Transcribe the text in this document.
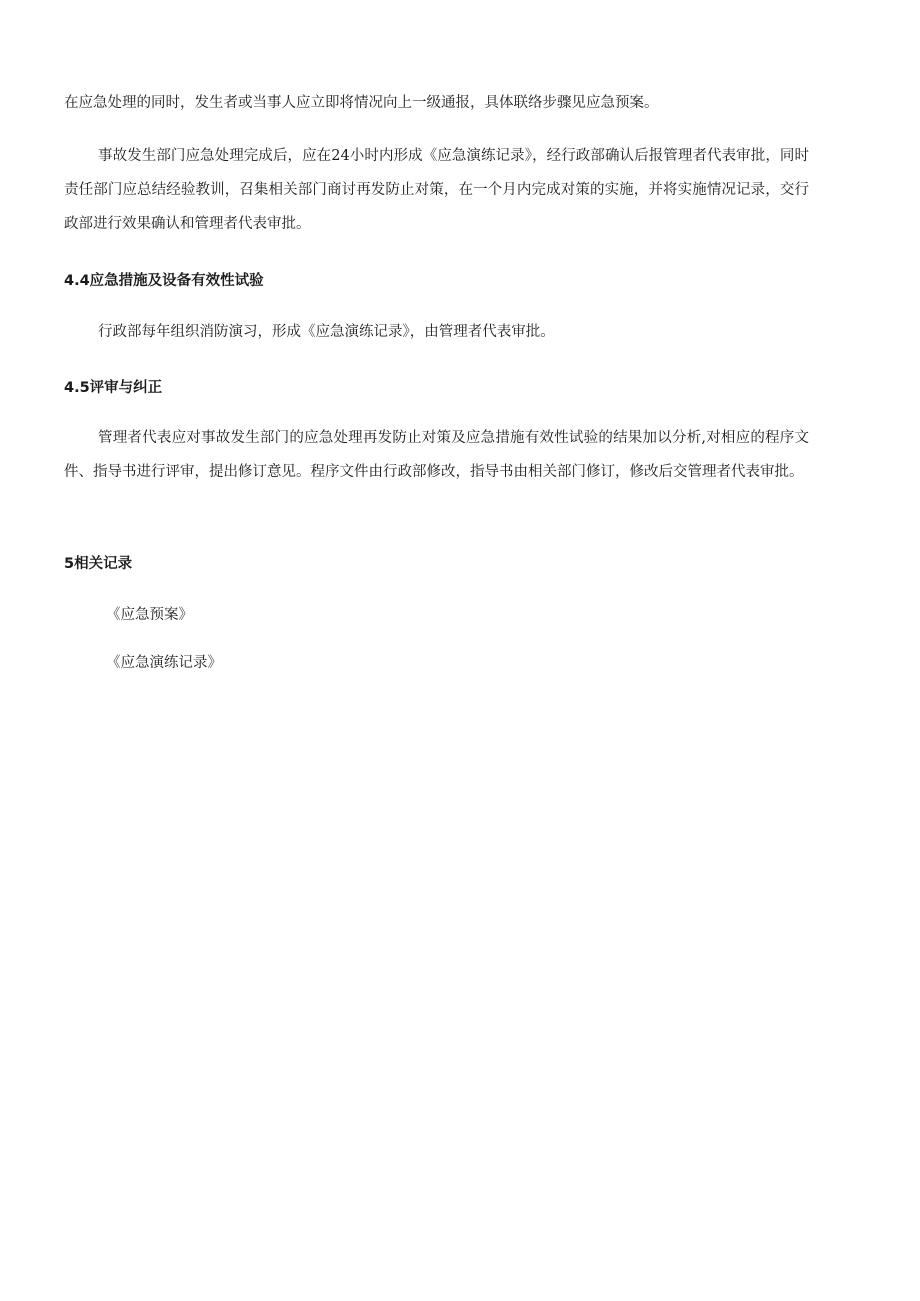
在应急处理的同时，发生者或当事人应立即将情况向上一级通报，具体联络步骤见应急预案。

事故发生部门应急处理完成后，应在24小时内形成《应急演练记录》，经行政部确认后报管理者代表审批，同时责任部门应总结经验教训，召集相关部门商讨再发防止对策，在一个月内完成对策的实施，并将实施情况记录，交行政部进行效果确认和管理者代表审批。

4.4应急措施及设备有效性试验

行政部每年组织消防演习，形成《应急演练记录》，由管理者代表审批。

4.5评审与纠正

管理者代表应对事故发生部门的应急处理再发防止对策及应急措施有效性试验的结果加以分析,对相应的程序文件、指导书进行评审，提出修订意见。程序文件由行政部修改，指导书由相关部门修订，修改后交管理者代表审批。

5相关记录

《应急预案》

《应急演练记录》
